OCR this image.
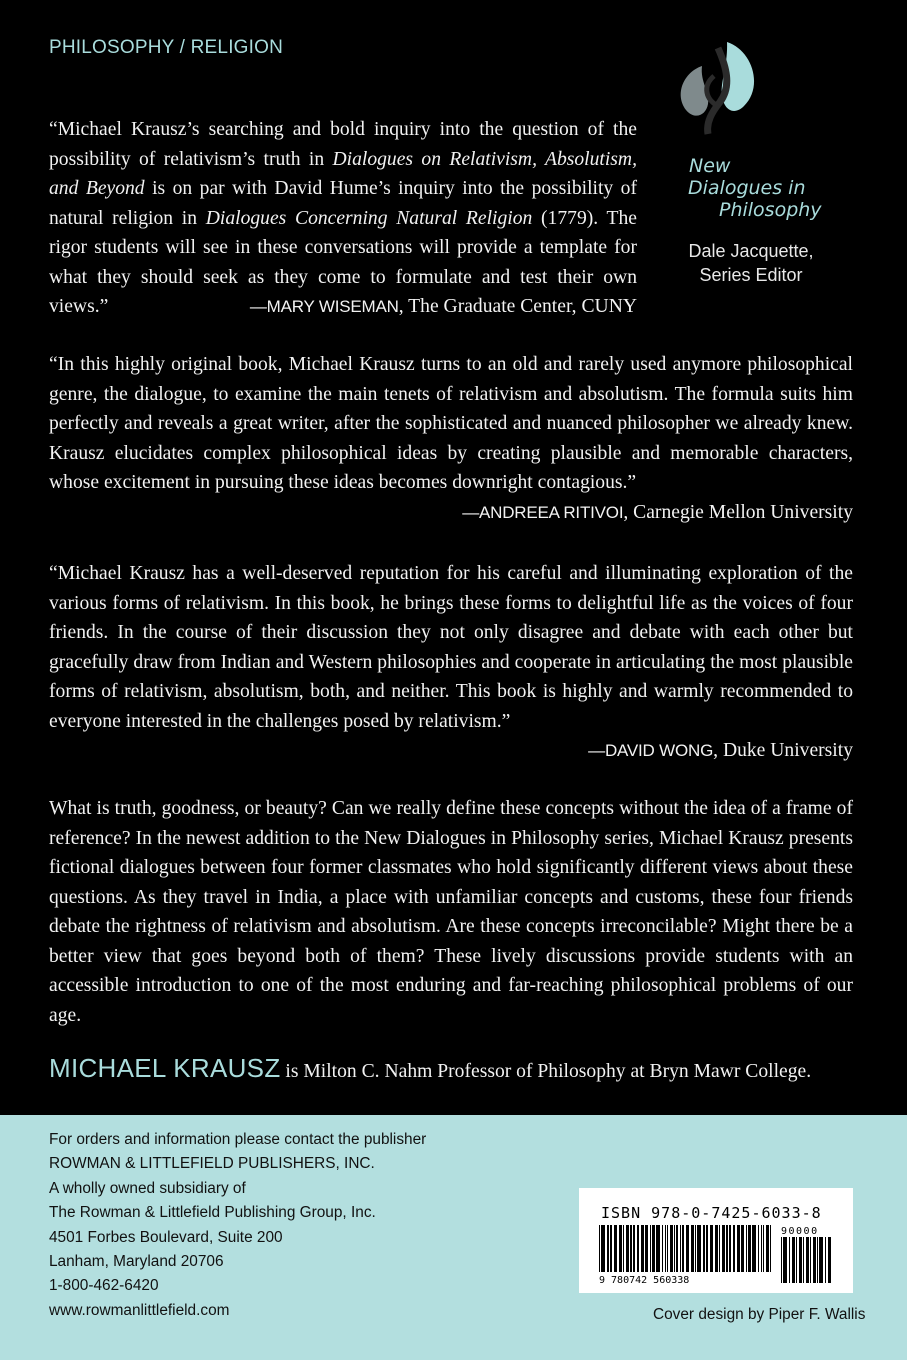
PHILOSOPHY / RELIGION
New
Dialogues in
Philosophy
Dale Jacquette,
Series Editor

“Michael Krausz’s searching and bold inquiry into the question of the possibility of relativism’s truth in Dialogues on Relativism, Absolutism, and Beyond is on par with David Hume’s inquiry into the possibility of natural religion in Dialogues Concerning Natural Religion (1779). The rigor students will see in these conversations will provide a template for what they should seek as they come to formulate and test their own views.”	—MARY WISEMAN, The Graduate Center, CUNY

“In this highly original book, Michael Krausz turns to an old and rarely used anymore philosophical genre, the dialogue, to examine the main tenets of relativism and absolutism. The formula suits him perfectly and reveals a great writer, after the sophisticated and nuanced philosopher we already knew. Krausz elucidates complex philosophical ideas by creating plausible and memorable characters, whose excitement in pursuing these ideas becomes downright contagious.”
—ANDREEA RITIVOI, Carnegie Mellon University

“Michael Krausz has a well-deserved reputation for his careful and illuminating exploration of the various forms of relativism. In this book, he brings these forms to delightful life as the voices of four friends. In the course of their discussion they not only disagree and debate with each other but gracefully draw from Indian and Western philosophies and cooperate in articulating the most plausible forms of relativism, absolutism, both, and neither. This book is highly and warmly recommended to everyone interested in the challenges posed by relativism.”
—DAVID WONG, Duke University

What is truth, goodness, or beauty? Can we really define these concepts without the idea of a frame of reference? In the newest addition to the New Dialogues in Philosophy series, Michael Krausz presents fictional dialogues between four former classmates who hold significantly different views about these questions. As they travel in India, a place with unfamiliar concepts and customs, these four friends debate the rightness of relativism and absolutism. Are these concepts irreconcilable? Might there be a better view that goes beyond both of them? These lively discussions provide students with an accessible introduction to one of the most enduring and far-reaching philosophical problems of our age.

MICHAEL KRAUSZ is Milton C. Nahm Professor of Philosophy at Bryn Mawr College.
For orders and information please contact the publisher
ROWMAN & LITTLEFIELD PUBLISHERS, INC.
A wholly owned subsidiary of
The Rowman & Littlefield Publishing Group, Inc.
4501 Forbes Boulevard, Suite 200
Lanham, Maryland 20706
1-800-462-6420
www.rowmanlittlefield.com
ISBN 978-0-7425-6033-8
9 780742 560338
90000
Cover design by Piper F. Wallis
